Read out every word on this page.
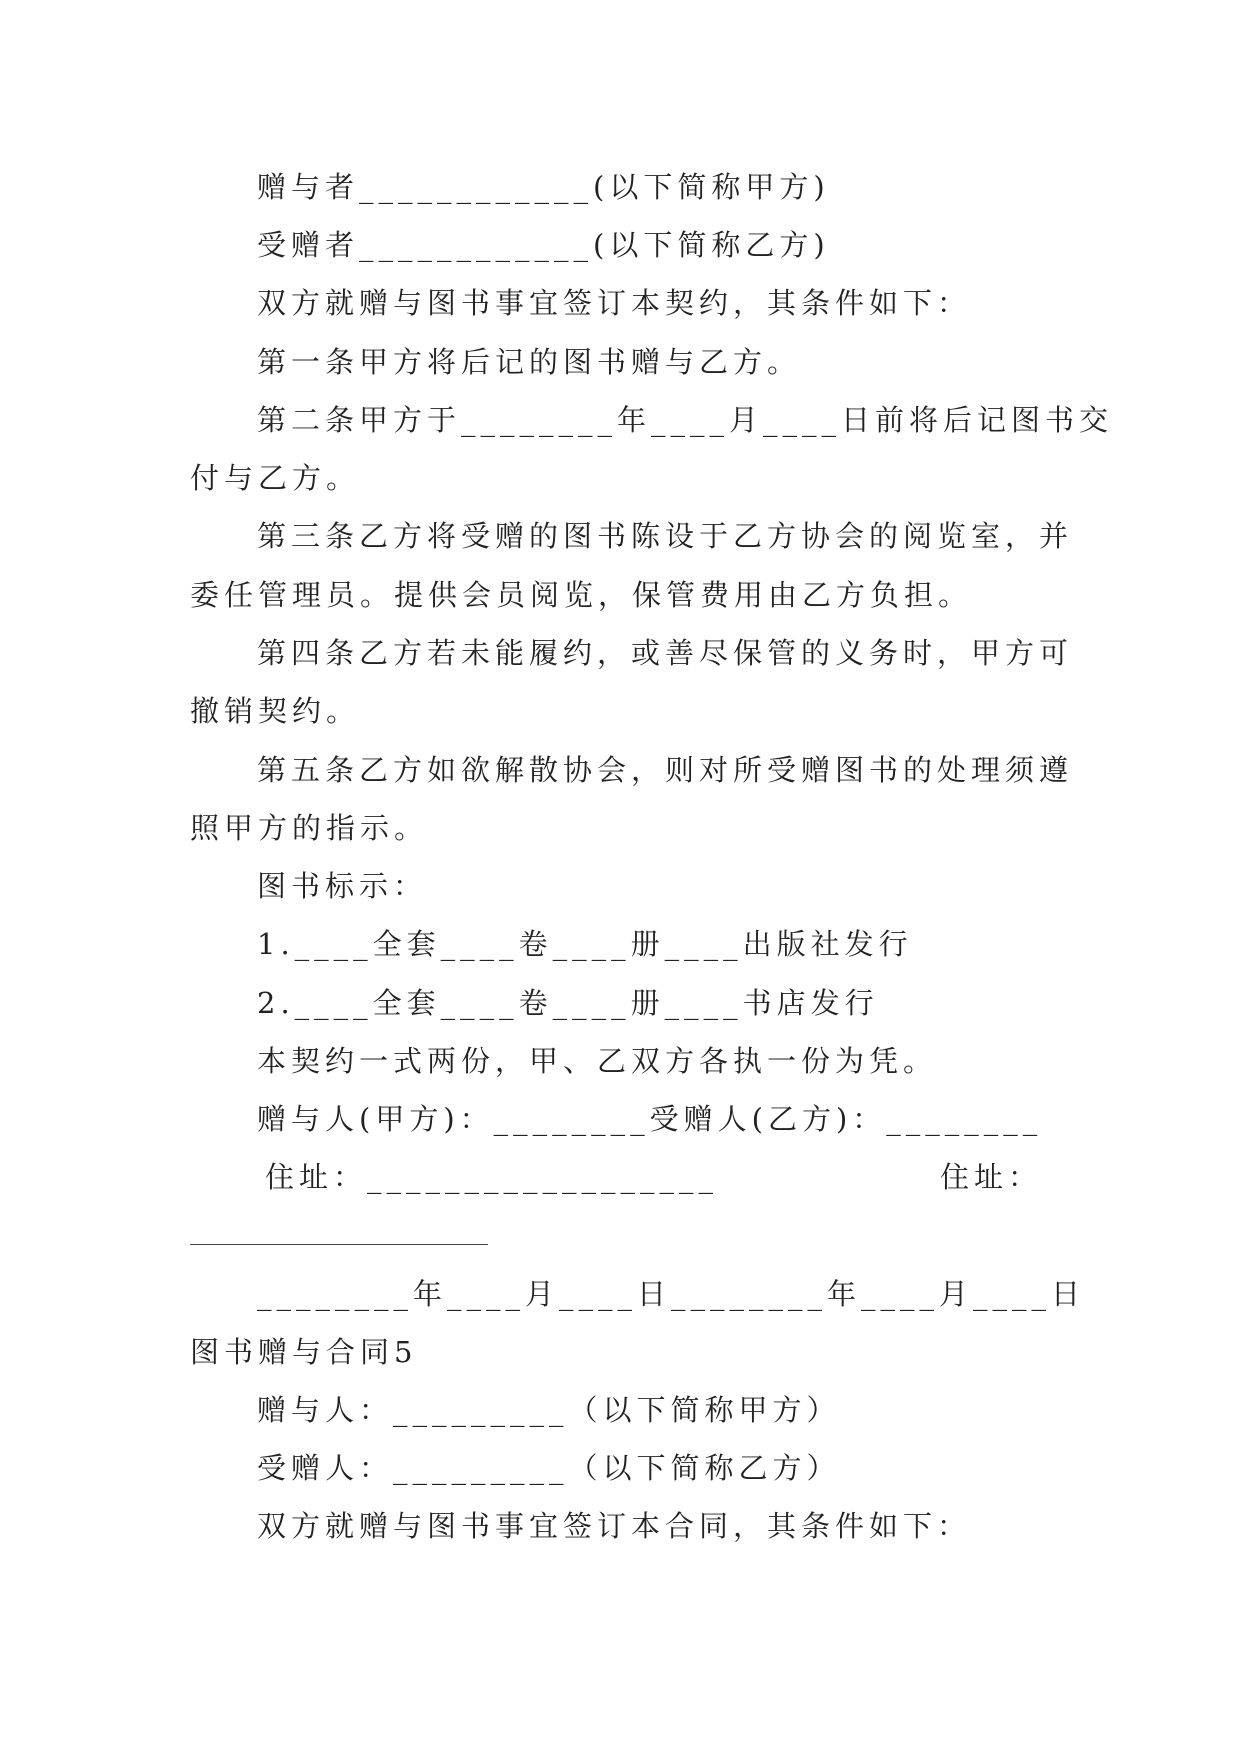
赠与者____________(以下简称甲方)
受赠者____________(以下简称乙方)
双方就赠与图书事宜签订本契约，其条件如下：
第一条甲方将后记的图书赠与乙方。
第二条甲方于________年____月____日前将后记图书交
付与乙方。
第三条乙方将受赠的图书陈设于乙方协会的阅览室，并
委任管理员。提供会员阅览，保管费用由乙方负担。
第四条乙方若未能履约，或善尽保管的义务时，甲方可
撤销契约。
第五条乙方如欲解散协会，则对所受赠图书的处理须遵
照甲方的指示。
图书标示：
1.____全套____卷____册____出版社发行
2.____全套____卷____册____书店发行
本契约一式两份，甲、乙双方各执一份为凭。
赠与人(甲方)：________受赠人(乙方)：________
住址：__________________	住址：
________年____月____日________年____月____日
图书赠与合同5
赠与人：_________（以下简称甲方）
受赠人：_________（以下简称乙方）
双方就赠与图书事宜签订本合同，其条件如下：
